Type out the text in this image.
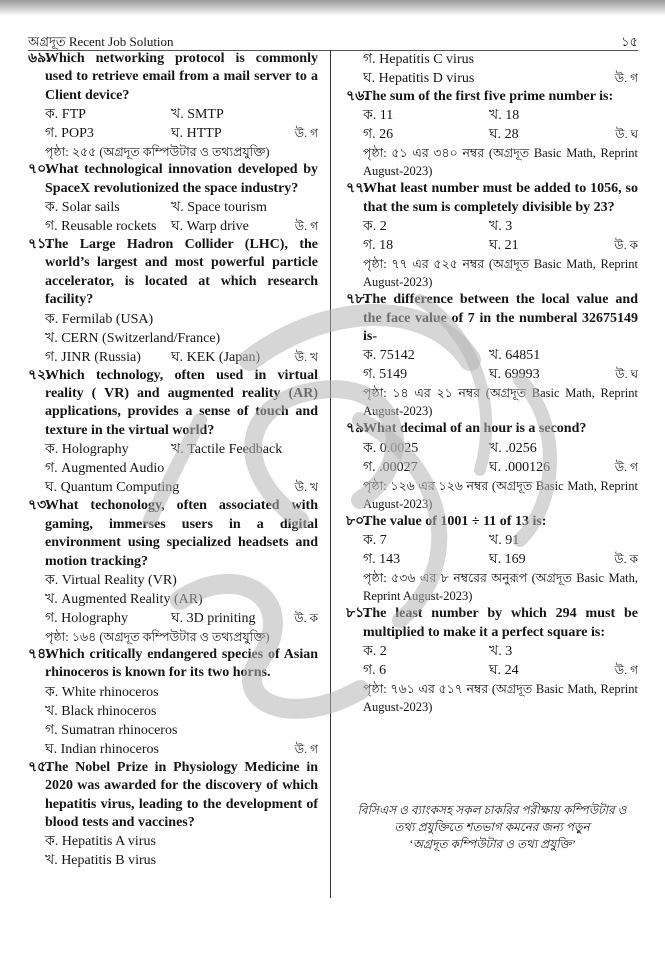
অগ্রদূত Recent Job Solution	১৫
৬৯.Which networking protocol is commonly used to retrieve email from a mail server to a Client device?
ক. FTP	খ. SMTP
গ. POP3	ঘ. HTTP	উ. গ
পৃষ্ঠা: ২৫৫ (অগ্রদূত কম্পিউটার ও তথ্যপ্রযুক্তি)
৭০.What technological innovation developed by SpaceX revolutionized the space industry?
ক. Solar sails	খ. Space tourism
গ. Reusable rockets	ঘ. Warp drive	উ. গ
৭১.The Large Hadron Collider (LHC), the world’s largest and most powerful particle accelerator, is located at which research facility?
ক. Fermilab (USA)
খ. CERN (Switzerland/France)
গ. JINR (Russia)	ঘ. KEK (Japan)	উ. খ
৭২.Which technology, often used in virtual reality ( VR) and augmented reality (AR) applications, provides a sense of touch and texture in the virtual world?
ক. Holography	খ. Tactile Feedback
গ. Augmented Audio
ঘ. Quantum Computing	উ. খ
৭৩.What techonology, often associated with gaming, immerses users in a digital environment using specialized headsets and motion tracking?
ক. Virtual Reality (VR)
খ. Augmented Reality (AR)
গ. Holography	ঘ. 3D priniting	উ. ক
পৃষ্ঠা: ১৬৪ (অগ্রদূত কম্পিউটার ও তথ্যপ্রযুক্তি)
৭৪.Which critically endangered species of Asian rhinoceros is known for its two horns.
ক. White rhinoceros
খ. Black rhinoceros
গ. Sumatran rhinoceros
ঘ. Indian rhinoceros	উ. গ
৭৫.The Nobel Prize in Physiology Medicine in 2020 was awarded for the discovery of which hepatitis virus, leading to the development of blood tests and vaccines?
ক. Hepatitis A virus
খ. Hepatitis B virus
গ. Hepatitis C virus
ঘ. Hepatitis D virus	উ. গ
৭৬.The sum of the first five prime number is:
ক. 11	খ. 18
গ. 26	ঘ. 28	উ. ঘ
পৃষ্ঠা: ৫১ এর ৩৪০ নম্বর (অগ্রদূত Basic Math, Reprint August-2023)
৭৭.What least number must be added to 1056, so that the sum is completely divisible by 23?
ক. 2	খ. 3
গ. 18	ঘ. 21	উ. ক
পৃষ্ঠা: ৭৭ এর ৫২৫ নম্বর (অগ্রদূত Basic Math, Reprint August-2023)
৭৮.The difference between the local value and the face value of 7 in the numberal 32675149 is-
ক. 75142	খ. 64851
গ. 5149	ঘ. 69993	উ. ঘ
পৃষ্ঠা: ১৪ এর ২১ নম্বর (অগ্রদূত Basic Math, Reprint August-2023)
৭৯.What decimal of an hour is a second?
ক. 0.0025	খ. .0256
গ. .00027	ঘ. .000126	উ. গ
পৃষ্ঠা: ১২৬ এর ১২৬ নম্বর (অগ্রদূত Basic Math, Reprint August-2023)
৮০.The value of 1001 ÷ 11 of 13 is:
ক. 7	খ. 91
গ. 143	ঘ. 169	উ. ক
পৃষ্ঠা: ৫৩৬ এর ৮ নম্বরের অনুরূপ (অগ্রদূত Basic Math, Reprint August-2023)
৮১.The least number by which 294 must be multiplied to make it a perfect square is:
ক. 2	খ. 3
গ. 6	ঘ. 24	উ. গ
পৃষ্ঠা: ৭৬১ এর ৫১৭ নম্বর (অগ্রদূত Basic Math, Reprint August-2023)
বিসিএস ও ব্যাংকসহ সকল চাকরির পরীক্ষায় কম্পিউটার ও
তথ্য প্রযুক্তিতে শতভাগ কমনের জন্য পড়ুন
‘অগ্রদূত কম্পিউটার ও তথ্য প্রযুক্তি’
